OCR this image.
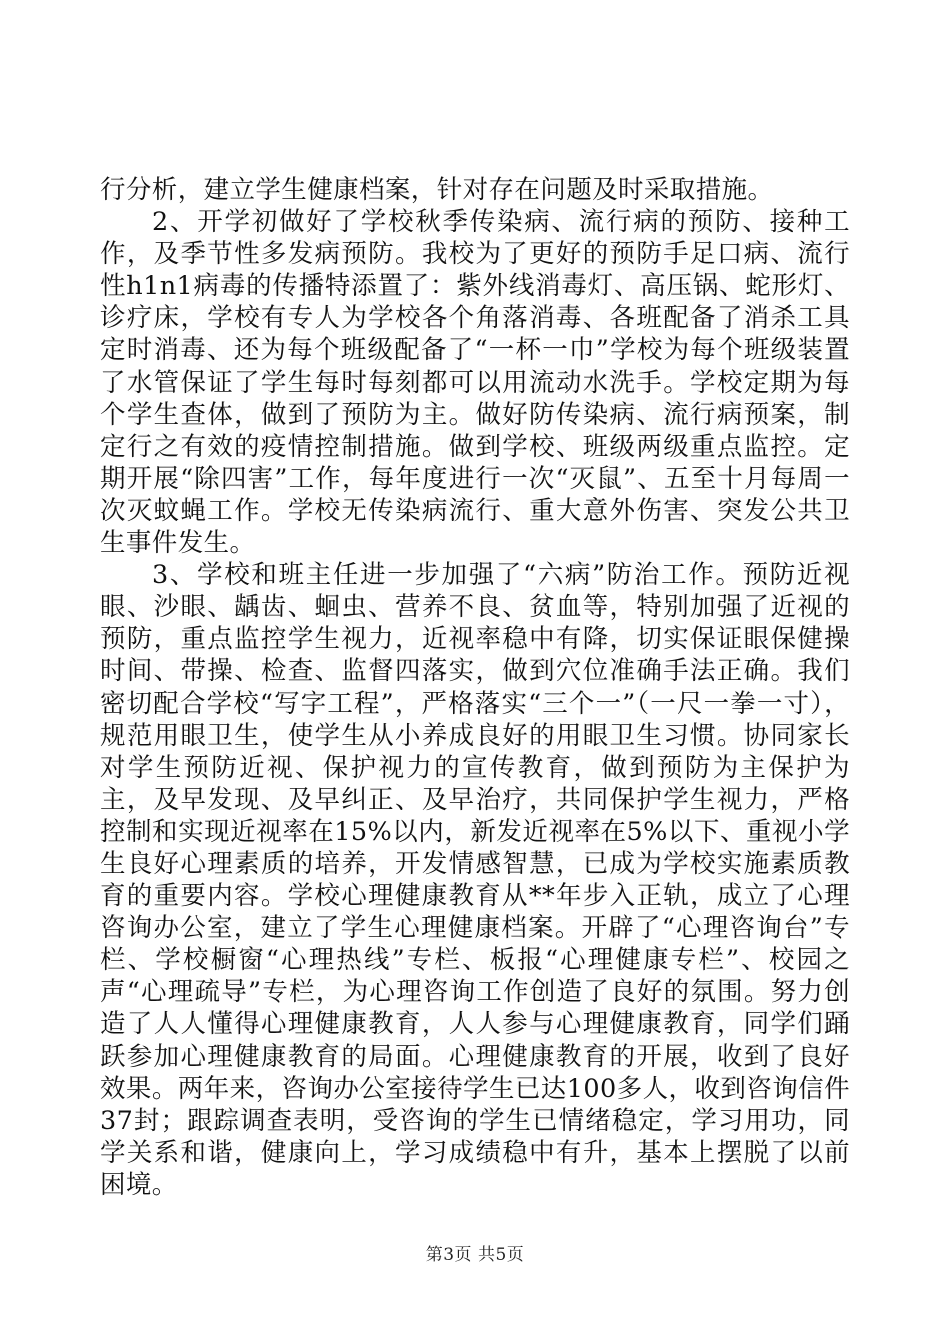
行分析，建立学生健康档案，针对存在问题及时采取措施。

2、开学初做好了学校秋季传染病、流行病的预防、接种工作，及季节性多发病预防。我校为了更好的预防手足口病、流行性h1n1病毒的传播特添置了：紫外线消毒灯、高压锅、蛇形灯、诊疗床，学校有专人为学校各个角落消毒、各班配备了消杀工具定时消毒、还为每个班级配备了“一杯一巾”学校为每个班级装置了水管保证了学生每时每刻都可以用流动水洗手。学校定期为每个学生查体，做到了预防为主。做好防传染病、流行病预案，制定行之有效的疫情控制措施。做到学校、班级两级重点监控。定期开展“除四害”工作，每年度进行一次“灭鼠”、五至十月每周一次灭蚊蝇工作。学校无传染病流行、重大意外伤害、突发公共卫生事件发生。

3、学校和班主任进一步加强了“六病”防治工作。预防近视眼、沙眼、龋齿、蛔虫、营养不良、贫血等，特别加强了近视的预防，重点监控学生视力，近视率稳中有降，切实保证眼保健操时间、带操、检查、监督四落实，做到穴位准确手法正确。我们密切配合学校“写字工程”，严格落实“三个一”（一尺一拳一寸），规范用眼卫生，使学生从小养成良好的用眼卫生习惯。协同家长对学生预防近视、保护视力的宣传教育，做到预防为主保护为主，及早发现、及早纠正、及早治疗，共同保护学生视力，严格控制和实现近视率在15%以内，新发近视率在5%以下、重视小学生良好心理素质的培养，开发情感智慧，已成为学校实施素质教育的重要内容。学校心理健康教育从**年步入正轨，成立了心理咨询办公室，建立了学生心理健康档案。开辟了“心理咨询台”专栏、学校橱窗“心理热线”专栏、板报“心理健康专栏”、校园之声“心理疏导”专栏，为心理咨询工作创造了良好的氛围。努力创造了人人懂得心理健康教育，人人参与心理健康教育，同学们踊跃参加心理健康教育的局面。心理健康教育的开展，收到了良好效果。两年来，咨询办公室接待学生已达100多人，收到咨询信件37封；跟踪调查表明，受咨询的学生已情绪稳定，学习用功，同学关系和谐，健康向上，学习成绩稳中有升，基本上摆脱了以前困境。

第3页 共5页
